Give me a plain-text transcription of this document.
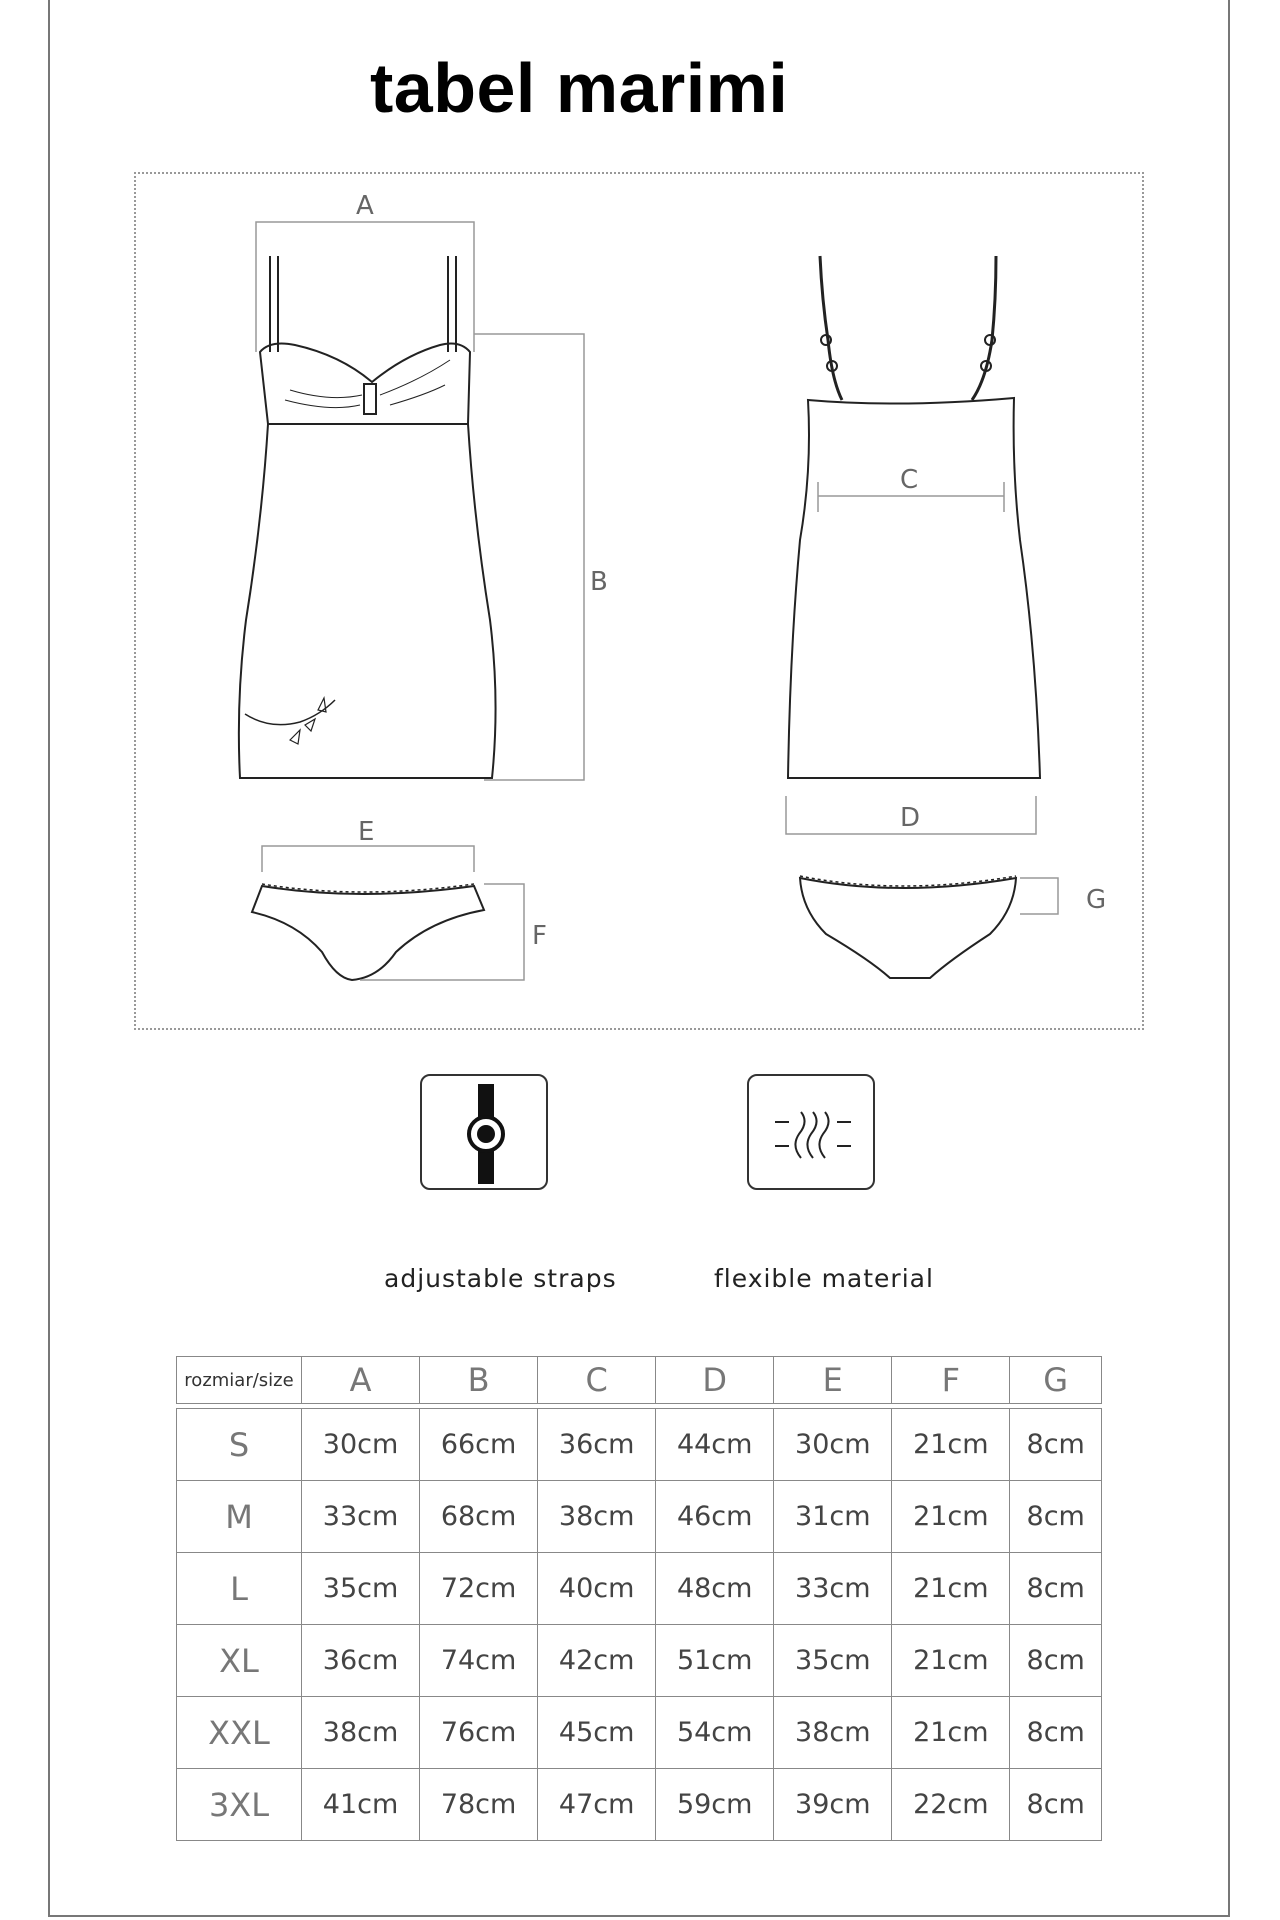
tabel marimi
A
B
C
D
E
F
G
adjustable straps	flexible material
rozmiar/size	A	B	C	D	E	F	G

S	30cm	66cm	36cm	44cm	30cm	21cm	8cm
M	33cm	68cm	38cm	46cm	31cm	21cm	8cm
L	35cm	72cm	40cm	48cm	33cm	21cm	8cm
XL	36cm	74cm	42cm	51cm	35cm	21cm	8cm
XXL	38cm	76cm	45cm	54cm	38cm	21cm	8cm
3XL	41cm	78cm	47cm	59cm	39cm	22cm	8cm
